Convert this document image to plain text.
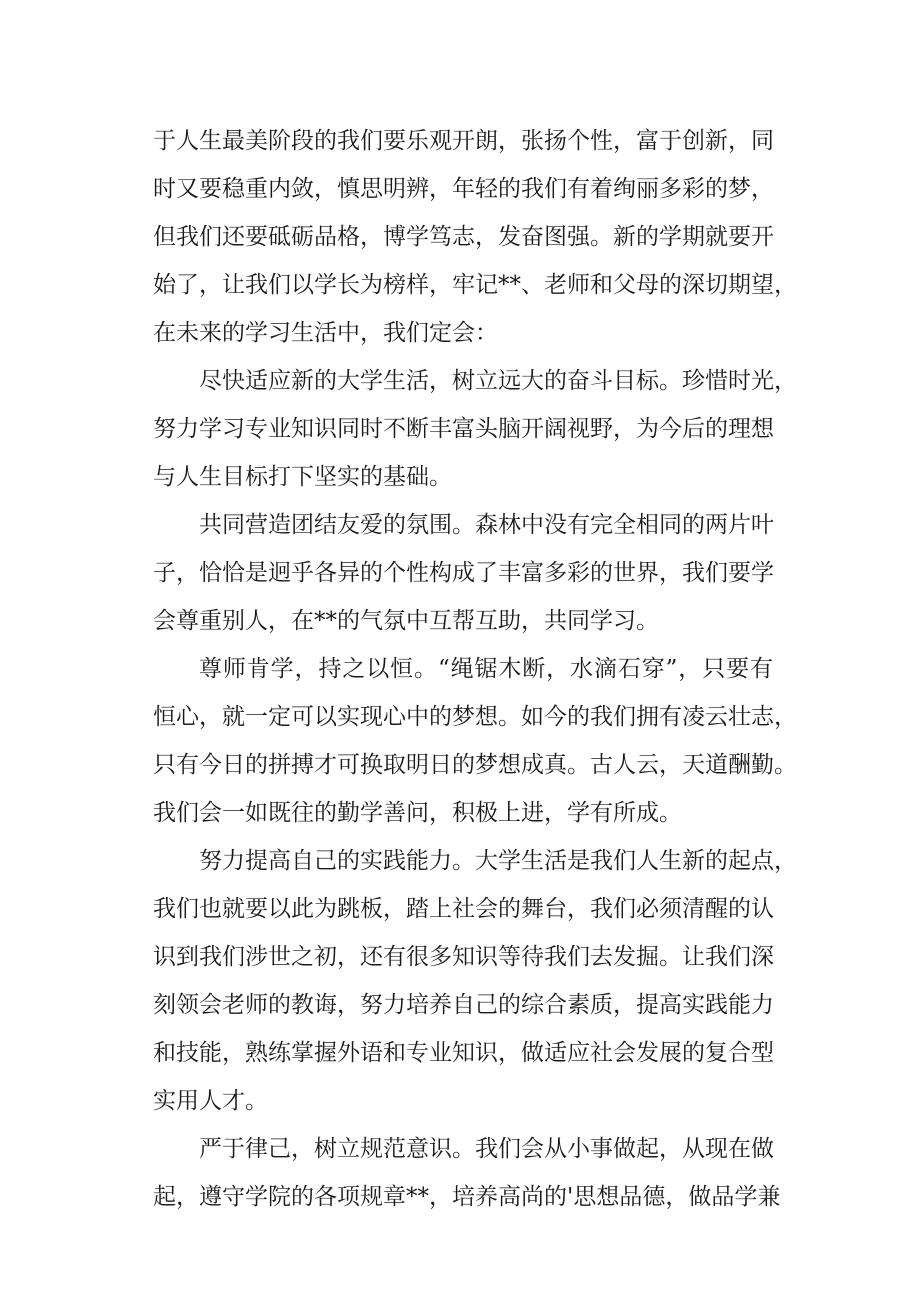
于人生最美阶段的我们要乐观开朗，张扬个性，富于创新，同
时又要稳重内敛，慎思明辨，年轻的我们有着绚丽多彩的梦，
但我们还要砥砺品格，博学笃志，发奋图强。新的学期就要开
始了，让我们以学长为榜样，牢记**、老师和父母的深切期望，
在未来的学习生活中，我们定会：
尽快适应新的大学生活，树立远大的奋斗目标。珍惜时光，
努力学习专业知识同时不断丰富头脑开阔视野，为今后的理想
与人生目标打下坚实的基础。
共同营造团结友爱的氛围。森林中没有完全相同的两片叶
子，恰恰是迥乎各异的个性构成了丰富多彩的世界，我们要学
会尊重别人，在**的气氛中互帮互助，共同学习。
尊师肯学，持之以恒。“绳锯木断，水滴石穿”，只要有
恒心，就一定可以实现心中的梦想。如今的我们拥有凌云壮志，
只有今日的拼搏才可换取明日的梦想成真。古人云，天道酬勤。
我们会一如既往的勤学善问，积极上进，学有所成。
努力提高自己的实践能力。大学生活是我们人生新的起点，
我们也就要以此为跳板，踏上社会的舞台，我们必须清醒的认
识到我们涉世之初，还有很多知识等待我们去发掘。让我们深
刻领会老师的教诲，努力培养自己的综合素质，提高实践能力
和技能，熟练掌握外语和专业知识，做适应社会发展的复合型
实用人才。
严于律己，树立规范意识。我们会从小事做起，从现在做
起，遵守学院的各项规章**，培养高尚的'思想品德，做品学兼
